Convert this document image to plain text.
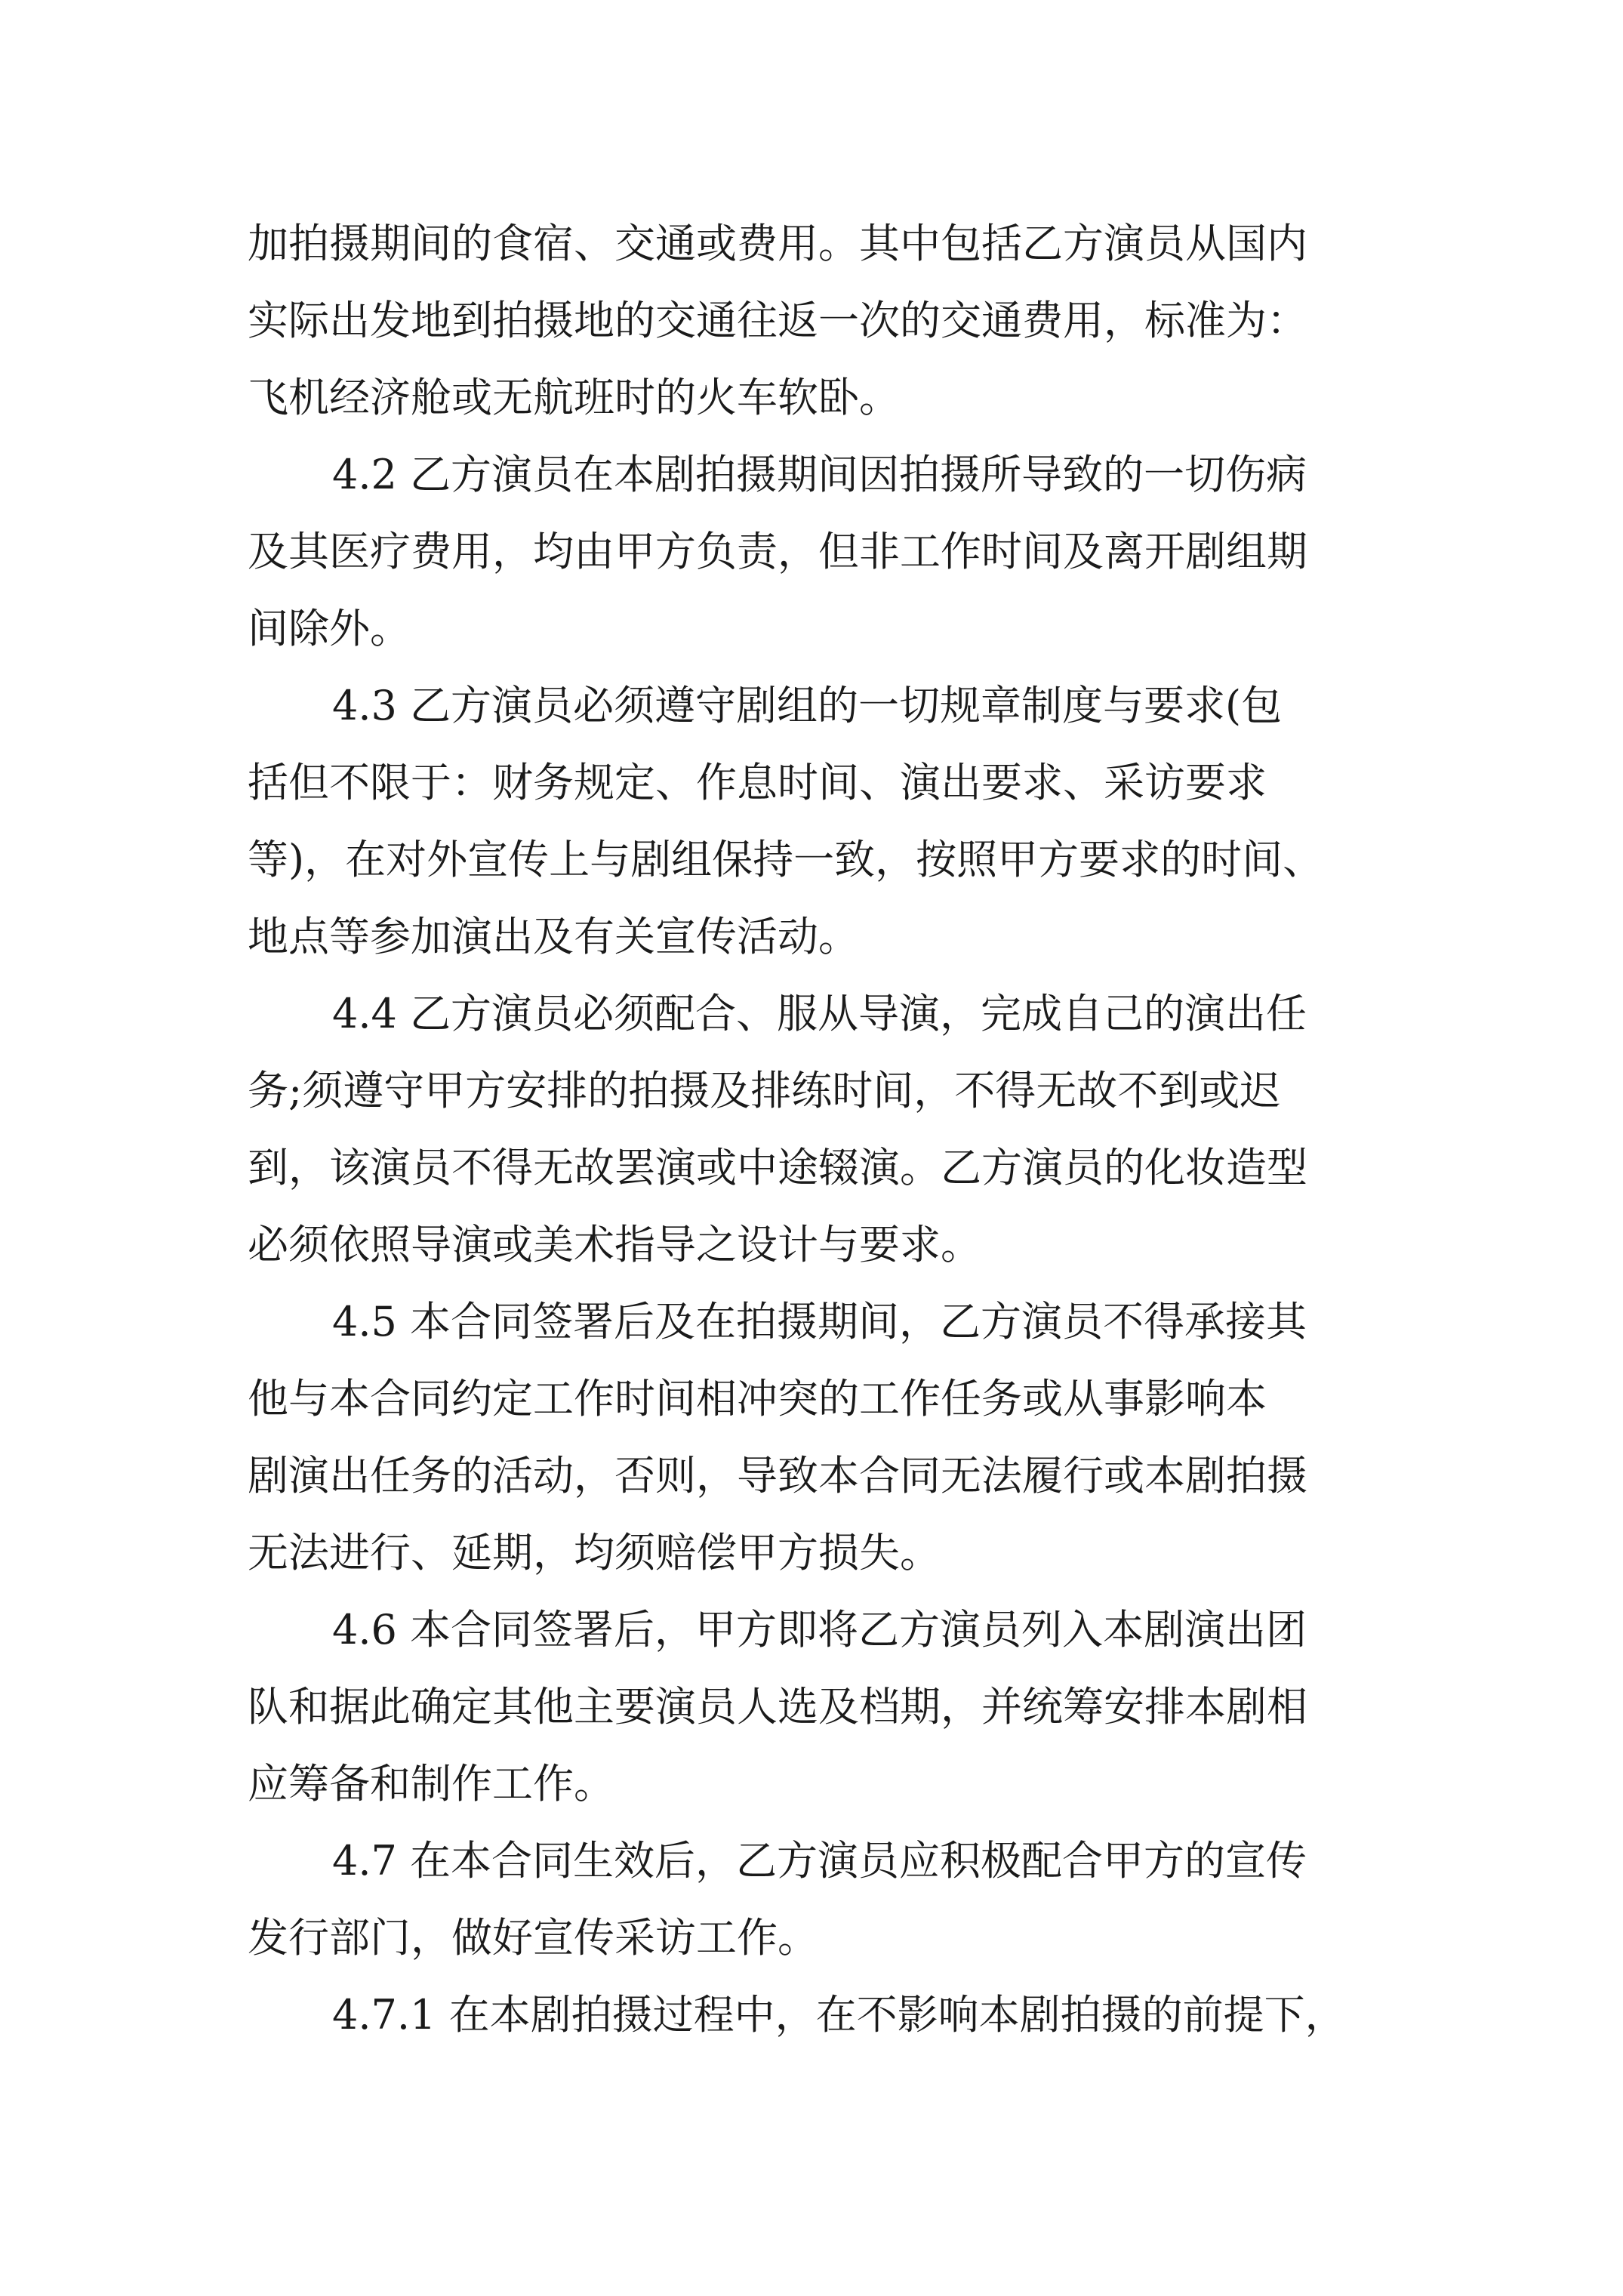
加拍摄期间的食宿、交通或费用。其中包括乙方演员从国内
实际出发地到拍摄地的交通往返一次的交通费用，标准为：
飞机经济舱或无航班时的火车软卧。
4.2 乙方演员在本剧拍摄期间因拍摄所导致的一切伤病
及其医疗费用，均由甲方负责，但非工作时间及离开剧组期
间除外。
4.3 乙方演员必须遵守剧组的一切规章制度与要求(包
括但不限于：财务规定、作息时间、演出要求、采访要求
等)，在对外宣传上与剧组保持一致，按照甲方要求的时间、
地点等参加演出及有关宣传活动。
4.4 乙方演员必须配合、服从导演，完成自己的演出任
务;须遵守甲方安排的拍摄及排练时间，不得无故不到或迟
到，该演员不得无故罢演或中途辍演。乙方演员的化妆造型
必须依照导演或美术指导之设计与要求。
4.5 本合同签署后及在拍摄期间，乙方演员不得承接其
他与本合同约定工作时间相冲突的工作任务或从事影响本
剧演出任务的活动，否则，导致本合同无法履行或本剧拍摄
无法进行、延期，均须赔偿甲方损失。
4.6 本合同签署后，甲方即将乙方演员列入本剧演出团
队和据此确定其他主要演员人选及档期，并统筹安排本剧相
应筹备和制作工作。
4.7 在本合同生效后，乙方演员应积极配合甲方的宣传
发行部门，做好宣传采访工作。
4.7.1 在本剧拍摄过程中，在不影响本剧拍摄的前提下，
